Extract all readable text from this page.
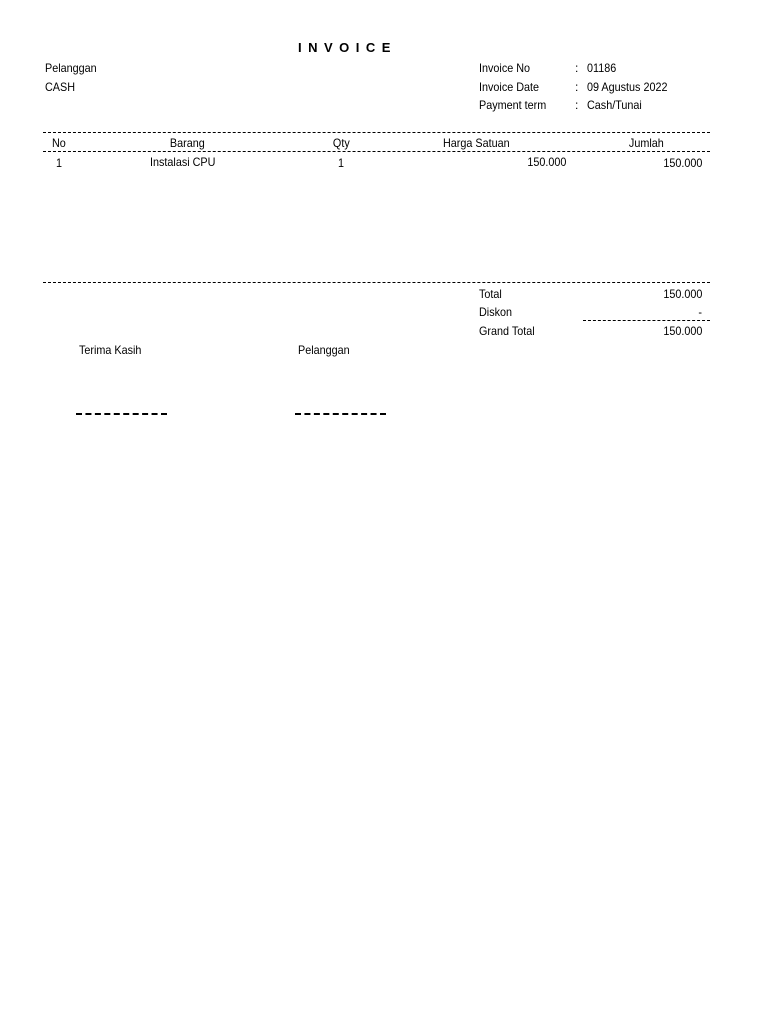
INVOICE
Pelanggan
CASH
Invoice No	: 01186
Invoice Date	: 09 Agustus 2022
Payment term	: Cash/Tunai
No	Barang	Qty	Harga Satuan	Jumlah
1	Instalasi CPU	1	150.000	150.000
Total	150.000
Diskon	-
Grand Total	150.000
Terima Kasih	Pelanggan
